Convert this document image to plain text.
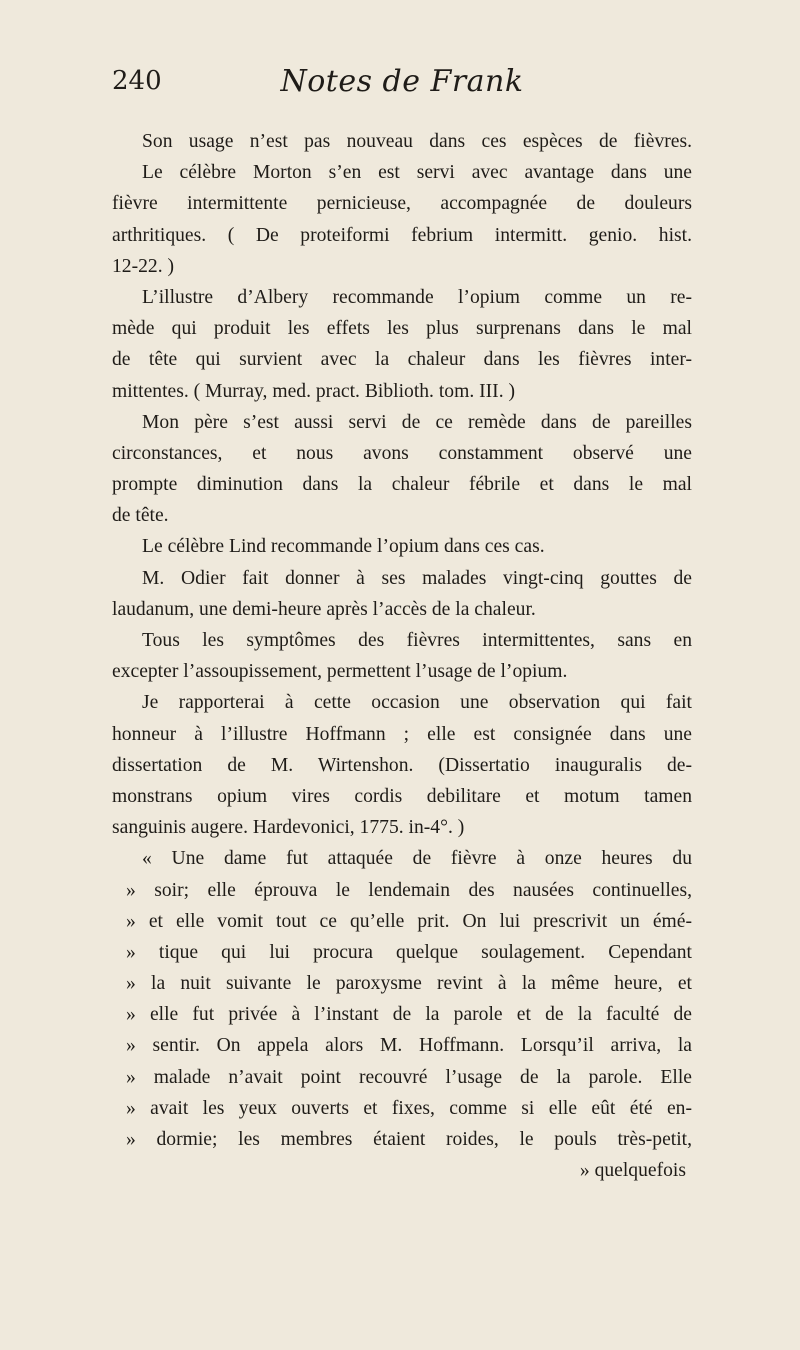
240	Notes de Frank
Son usage n’est pas nouveau dans ces espèces de fièvres.
Le célèbre Morton s’en est servi avec avantage dans une
fièvre intermittente pernicieuse, accompagnée de douleurs
arthritiques. ( De proteiformi febrium intermitt. genio. hist.
12-22. )
L’illustre d’Albery recommande l’opium comme un re-
mède qui produit les effets les plus surprenans dans le mal
de tête qui survient avec la chaleur dans les fièvres inter-
mittentes. ( Murray, med. pract. Biblioth. tom. III. )
Mon père s’est aussi servi de ce remède dans de pareilles
circonstances, et nous avons constamment observé une
prompte diminution dans la chaleur fébrile et dans le mal
de tête.
Le célèbre Lind recommande l’opium dans ces cas.
M. Odier fait donner à ses malades vingt-cinq gouttes de
laudanum, une demi-heure après l’accès de la chaleur.
Tous les symptômes des fièvres intermittentes, sans en
excepter l’assoupissement, permettent l’usage de l’opium.
Je rapporterai à cette occasion une observation qui fait
honneur à l’illustre Hoffmann ; elle est consignée dans une
dissertation de M. Wirtenshon. (Dissertatio inauguralis de-
monstrans opium vires cordis debilitare et motum tamen
sanguinis augere. Hardevonici, 1775. in-4°. )
« Une dame fut attaquée de fièvre à onze heures du
» soir; elle éprouva le lendemain des nausées continuelles,
» et elle vomit tout ce qu’elle prit. On lui prescrivit un émé-
» tique qui lui procura quelque soulagement. Cependant
» la nuit suivante le paroxysme revint à la même heure, et
» elle fut privée à l’instant de la parole et de la faculté de
» sentir. On appela alors M. Hoffmann. Lorsqu’il arriva, la
» malade n’avait point recouvré l’usage de la parole. Elle
» avait les yeux ouverts et fixes, comme si elle eût été en-
» dormie; les membres étaient roides, le pouls très-petit,
» quelquefois
